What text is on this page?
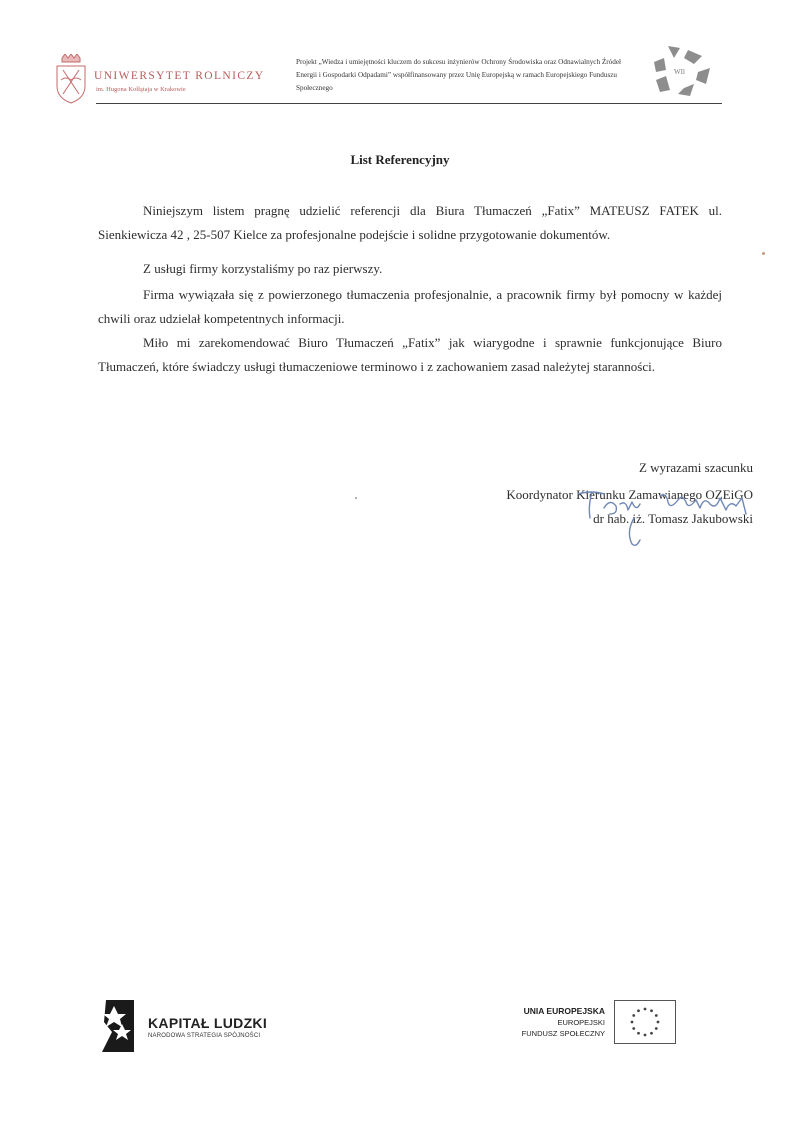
UNIWERSYTET ROLNICZY
im. Hugona Kołłątaja w Krakowie
Projekt „Wiedza i umiejętności kluczem do sukcesu inżynierów Ochrony Środowiska oraz Odnawialnych Źródeł Energii i Gospodarki Odpadami” współfinansowany przez Unię Europejską w ramach Europejskiego Funduszu Społecznego
WIl
List Referencyjny
Niniejszym listem pragnę udzielić referencji dla Biura Tłumaczeń „Fatix” MATEUSZ FATEK ul. Sienkiewicza 42 , 25-507 Kielce za profesjonalne podejście i solidne przygotowanie dokumentów.
Z usługi firmy korzystaliśmy po raz pierwszy.
Firma wywiązała się z powierzonego tłumaczenia profesjonalnie, a pracownik firmy był pomocny w każdej chwili oraz udzielał kompetentnych informacji.
Miło mi zarekomendować Biuro Tłumaczeń „Fatix” jak wiarygodne i sprawnie funkcjonujące Biuro Tłumaczeń, które świadczy usługi tłumaczeniowe terminowo i z zachowaniem zasad należytej staranności.
Z wyrazami szacunku
Koordynator Kierunku Zamawianego OZEiGO
dr hab. iż. Tomasz Jakubowski
KAPITAŁ LUDZKI
NARODOWA STRATEGIA SPÓJNOŚCI
UNIA EUROPEJSKA
EUROPEJSKI
FUNDUSZ SPOŁECZNY
